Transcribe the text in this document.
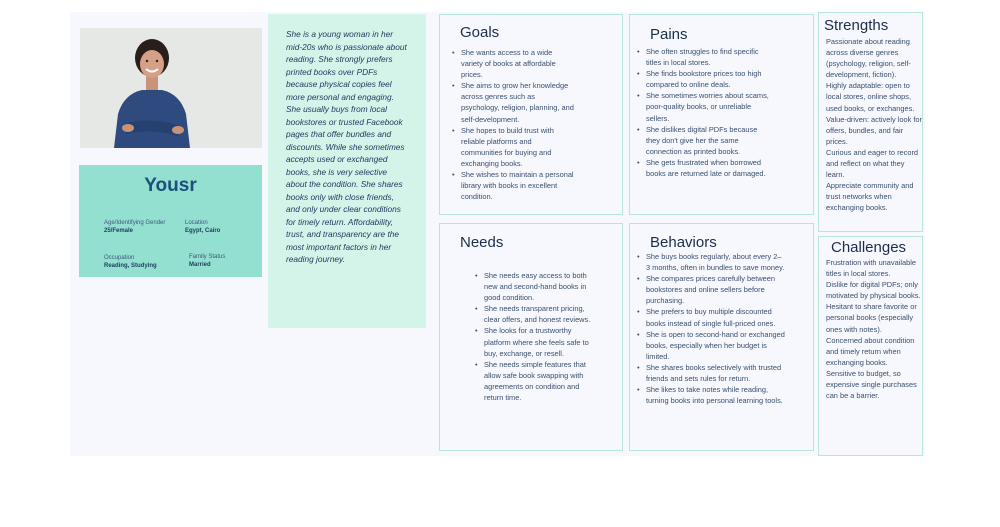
Yousr
Age/Identifying Gender
25/Female
Location
Egypt, Cairo
Occupation
Reading, Studying
Family Status
Married

She is a young woman in her mid-20s who is passionate about reading. She strongly prefers printed books over PDFs because physical copies feel more personal and engaging. She usually buys from local bookstores or trusted Facebook pages that offer bundles and discounts. While she sometimes accepts used or exchanged books, she is very selective about the condition. She shares books only with close friends, and only under clear conditions for timely return. Affordability, trust, and transparency are the most important factors in her reading journey.

Goals
• She wants access to a wide variety of books at affordable prices.
• She aims to grow her knowledge across genres such as psychology, religion, planning, and self-development.
• She hopes to build trust with reliable platforms and communities for buying and exchanging books.
• She wishes to maintain a personal library with books in excellent condition.
Pains
• She often struggles to find specific titles in local stores.
• She finds bookstore prices too high compared to online deals.
• She sometimes worries about scams, poor-quality books, or unreliable sellers.
• She dislikes digital PDFs because they don't give her the same connection as printed books.
• She gets frustrated when borrowed books are returned late or damaged.
Needs
• She needs easy access to both new and second-hand books in good condition.
• She needs transparent pricing, clear offers, and honest reviews.
• She looks for a trustworthy platform where she feels safe to buy, exchange, or resell.
• She needs simple features that allow safe book swapping with agreements on condition and return time.
Behaviors
• She buys books regularly, about every 2–3 months, often in bundles to save money.
• She compares prices carefully between bookstores and online sellers before purchasing.
• She prefers to buy multiple discounted books instead of single full-priced ones.
• She is open to second-hand or exchanged books, especially when her budget is limited.
• She shares books selectively with trusted friends and sets rules for return.
• She likes to take notes while reading, turning books into personal learning tools.
Strengths
Passionate about reading across diverse genres (psychology, religion, self-development, fiction).
Highly adaptable: open to local stores, online shops, used books, or exchanges.
Value-driven: actively look for offers, bundles, and fair prices.
Curious and eager to record and reflect on what they learn.
Appreciate community and trust networks when exchanging books.
Challenges
Frustration with unavailable titles in local stores.
Dislike for digital PDFs; only motivated by physical books.
Hesitant to share favorite or personal books (especially ones with notes).
Concerned about condition and timely return when exchanging books.
Sensitive to budget, so expensive single purchases can be a barrier.
